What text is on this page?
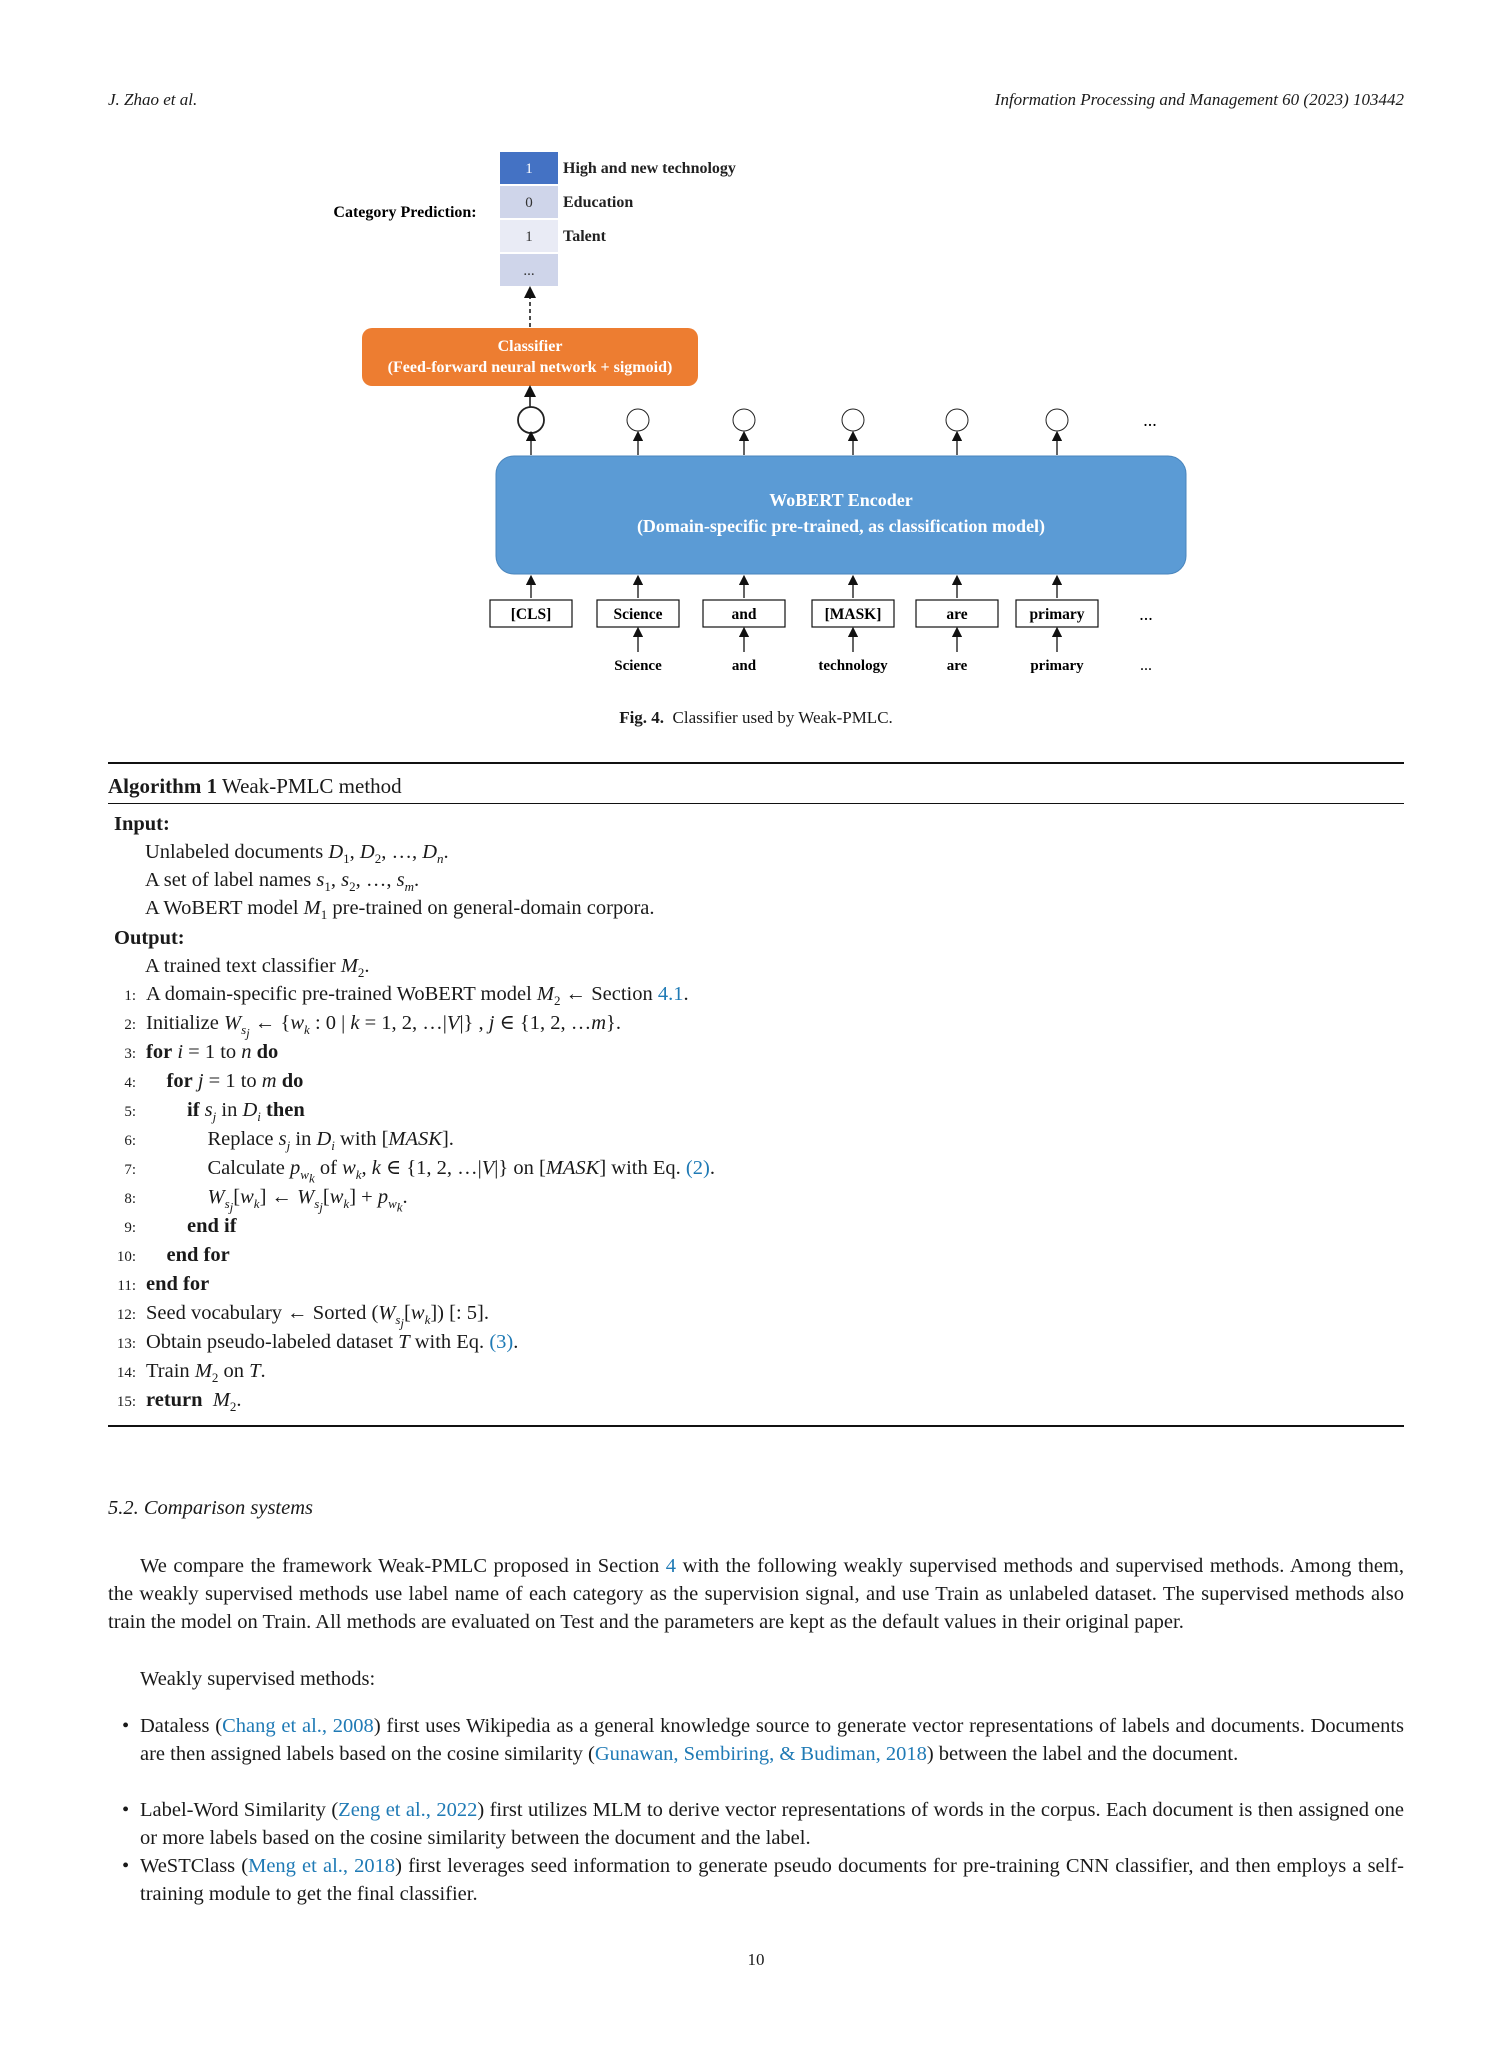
J. Zhao et al.	Information Processing and Management 60 (2023) 103442
Category Prediction:
1 High and new technology
0 Education
1 Talent
...
Classifier
(Feed-forward neural network + sigmoid)
WoBERT Encoder
(Domain-specific pre-trained, as classification model)
[CLS]	Science
Science
and
and
[MASK]
technology
are
are
primary
primary
...
...
...
Fig. 4. Classifier used by Weak-PMLC.
Algorithm 1 Weak-PMLC method
Input:
Unlabeled documents $D_1$, $D_2$, …, $D_n$.
A set of label names $s_1$, $s_2$, …, $s_m$.
A WoBERT model $M_1$ pre-trained on general-domain corpora.
Output:
A trained text classifier $M_2$.
1: A domain-specific pre-trained WoBERT model $M_2$ ← Section 4.1.
2: Initialize $W_{s_j}$ ← {$w_k$ : 0 | k = 1, 2, …|V|} , j ∈ {1, 2, …m}.
3: for i = 1 to n do
4: for j = 1 to m do
5: if $s_j$ in $D_i$ then
6:            Replace $s_j$ in $D_i$ with [MASK].
7:            Calculate $p_{w_k}$ of $w_k$, k ∈ {1, 2, …|V|} on [MASK] with Eq. (2).
8:	$W_{s_j}[w_k]$ ← $W_{s_j}[w_k] + p_{w_k}$.
9: end if
10: end for
11: end for
12: Seed vocabulary ← Sorted $(W_{s_j}[w_k])$ [: 5].
13: Obtain pseudo-labeled dataset T with Eq. (3).
14: Train $M_2$ on T.
15: return $M_2$.
5.2. Comparison systems
We compare the framework Weak-PMLC proposed in Section 4 with the following weakly supervised methods and supervised methods. Among them, the weakly supervised methods use label name of each category as the supervision signal, and use Train as unlabeled dataset. The supervised methods also train the model on Train. All methods are evaluated on Test and the parameters are kept as the default values in their original paper.
Weakly supervised methods:
• Dataless (Chang et al., 2008) first uses Wikipedia as a general knowledge source to generate vector representations of labels and documents. Documents are then assigned labels based on the cosine similarity (Gunawan, Sembiring, & Budiman, 2018) between the label and the document.
• Label-Word Similarity (Zeng et al., 2022) first utilizes MLM to derive vector representations of words in the corpus. Each document is then assigned one or more labels based on the cosine similarity between the document and the label.
• WeSTClass (Meng et al., 2018) first leverages seed information to generate pseudo documents for pre-training CNN classifier, and then employs a self-training module to get the final classifier.
10
